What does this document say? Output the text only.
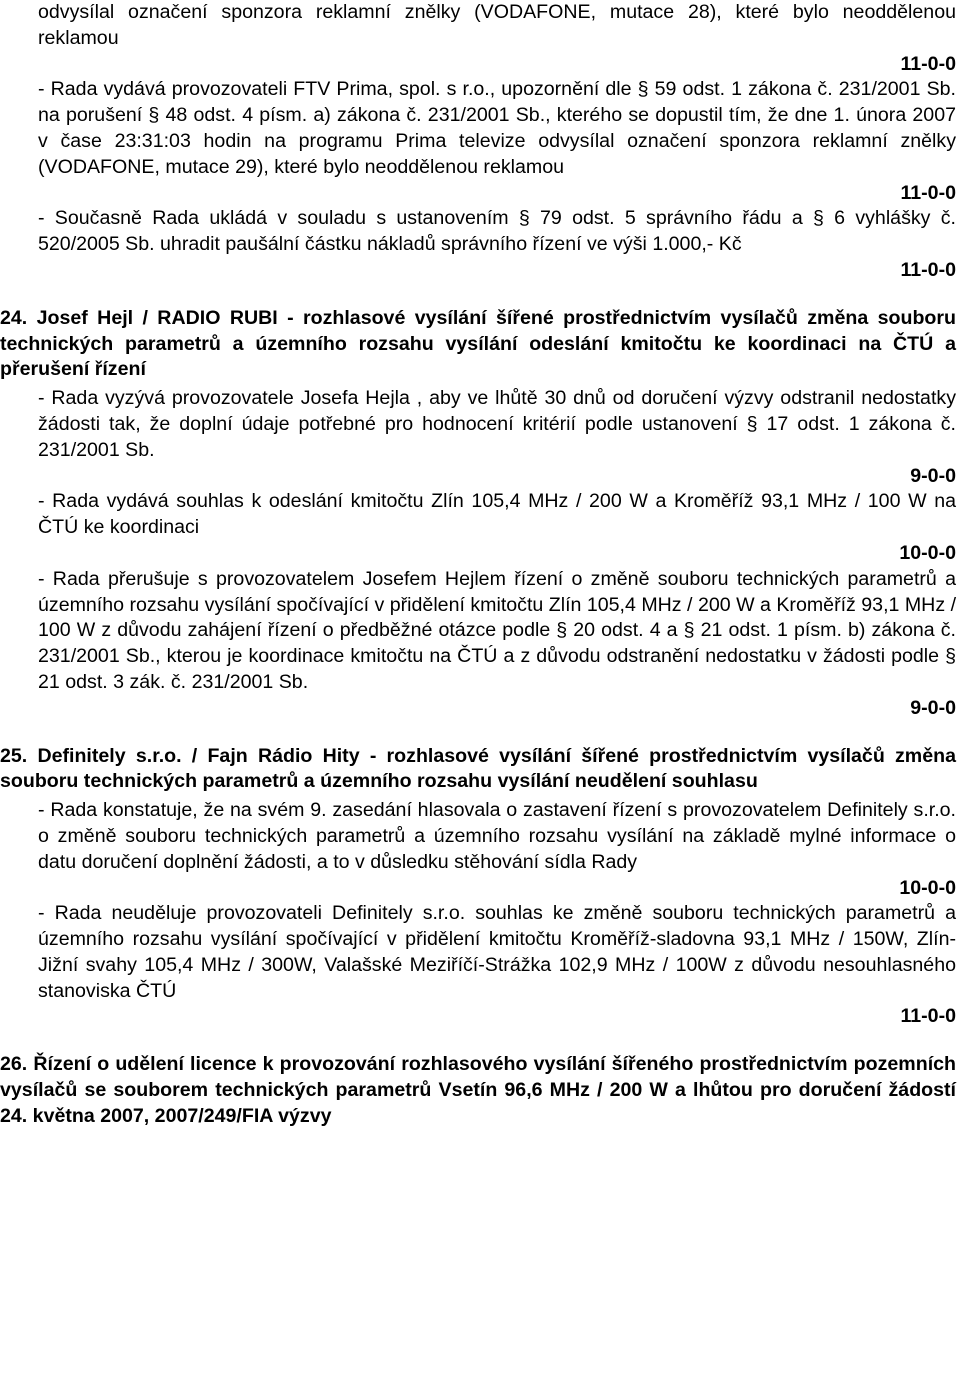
odvysílal označení sponzora reklamní znělky (VODAFONE, mutace 28), které bylo neoddělenou reklamou

11-0-0

- Rada vydává provozovateli FTV Prima, spol. s r.o., upozornění dle § 59 odst. 1 zákona č. 231/2001 Sb. na porušení § 48 odst. 4 písm. a) zákona č. 231/2001 Sb., kterého se dopustil tím, že dne 1. února 2007 v čase 23:31:03 hodin na programu Prima televize odvysílal označení sponzora reklamní znělky (VODAFONE, mutace 29), které bylo neoddělenou reklamou

11-0-0

- Současně Rada ukládá v souladu s ustanovením § 79 odst. 5 správního řádu a § 6 vyhlášky č. 520/2005 Sb. uhradit paušální částku nákladů správního řízení ve výši 1.000,- Kč

11-0-0

24. Josef Hejl / RADIO RUBI - rozhlasové vysílání šířené prostřednictvím vysílačů změna souboru technických parametrů a územního rozsahu vysílání odeslání kmitočtu ke koordinaci na ČTÚ a přerušení řízení

- Rada vyzývá provozovatele Josefa Hejla , aby ve lhůtě 30 dnů od doručení výzvy odstranil nedostatky žádosti tak, že doplní údaje potřebné pro hodnocení kritérií podle ustanovení § 17 odst. 1 zákona č. 231/2001 Sb.

9-0-0

- Rada vydává souhlas k odeslání kmitočtu Zlín 105,4 MHz / 200 W a Kroměříž 93,1 MHz / 100 W na ČTÚ ke koordinaci

10-0-0

- Rada přerušuje s provozovatelem Josefem Hejlem řízení o změně souboru technických parametrů a územního rozsahu vysílání spočívající v přidělení kmitočtu Zlín 105,4 MHz / 200 W a Kroměříž 93,1 MHz / 100 W z důvodu zahájení řízení o předběžné otázce podle § 20 odst. 4 a § 21 odst. 1 písm. b) zákona č. 231/2001 Sb., kterou je koordinace kmitočtu na ČTÚ a z důvodu odstranění nedostatku v žádosti podle § 21 odst. 3 zák. č. 231/2001 Sb.

9-0-0

25. Definitely s.r.o. / Fajn Rádio Hity - rozhlasové vysílání šířené prostřednictvím vysílačů změna souboru technických parametrů a územního rozsahu vysílání neudělení souhlasu

- Rada konstatuje, že na svém 9. zasedání hlasovala o zastavení řízení s provozovatelem Definitely s.r.o. o změně souboru technických parametrů a územního rozsahu vysílání na základě mylné informace o datu doručení doplnění žádosti, a to v důsledku stěhování sídla Rady

10-0-0

- Rada neuděluje provozovateli Definitely s.r.o. souhlas ke změně souboru technických parametrů a územního rozsahu vysílání spočívající v přidělení kmitočtu Kroměříž-sladovna 93,1 MHz / 150W, Zlín-Jižní svahy 105,4 MHz / 300W, Valašské Meziříčí-Strážka 102,9 MHz / 100W z důvodu nesouhlasného stanoviska ČTÚ

11-0-0

26. Řízení o udělení licence k provozování rozhlasového vysílání šířeného prostřednictvím pozemních vysílačů se souborem technických parametrů Vsetín 96,6 MHz / 200 W a lhůtou pro doručení žádostí 24. května 2007, 2007/249/FIA výzvy
